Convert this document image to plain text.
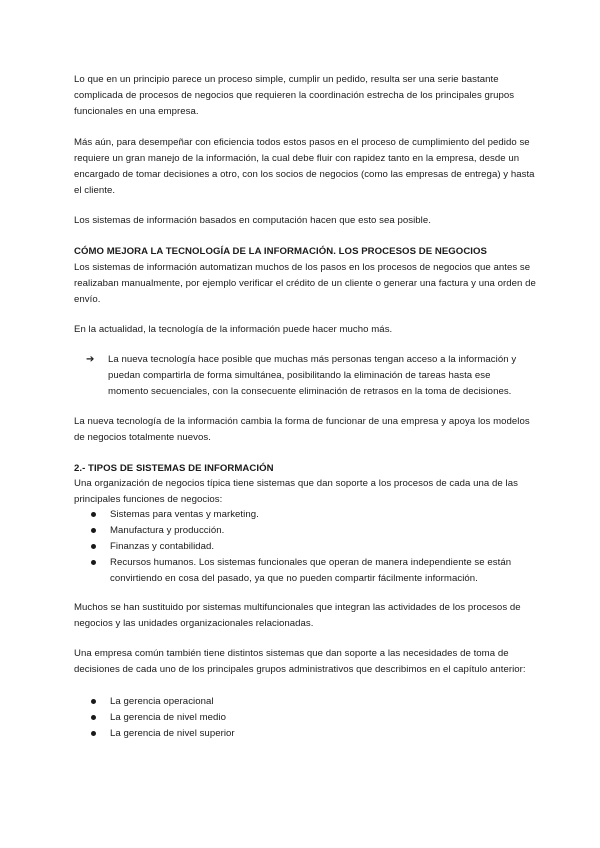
Lo que en un principio parece un proceso simple, cumplir un pedido, resulta ser una serie bastante complicada de procesos de negocios que requieren la coordinación estrecha de los principales grupos funcionales en una empresa.

Más aún, para desempeñar con eficiencia todos estos pasos en el proceso de cumplimiento del pedido se requiere un gran manejo de la información, la cual debe fluir con rapidez tanto en la empresa, desde un encargado de tomar decisiones a otro, con los socios de negocios (como las empresas de entrega) y hasta el cliente.

Los sistemas de información basados en computación hacen que esto sea posible.

CÓMO MEJORA LA TECNOLOGÍA DE LA INFORMACIÓN. LOS PROCESOS DE NEGOCIOS

Los sistemas de información automatizan muchos de los pasos en los procesos de negocios que antes se realizaban manualmente, por ejemplo verificar el crédito de un cliente o generar una factura y una orden de envío.

En la actualidad, la tecnología de la información puede hacer mucho más.

➔ La nueva tecnología hace posible que muchas más personas tengan acceso a la información y puedan compartirla de forma simultánea, posibilitando la eliminación de tareas hasta ese momento secuenciales, con la consecuente eliminación de retrasos en la toma de decisiones.

La nueva tecnología de la información cambia la forma de funcionar de una empresa y apoya los modelos de negocios totalmente nuevos.

2.- TIPOS DE SISTEMAS DE INFORMACIÓN

Una organización de negocios típica tiene sistemas que dan soporte a los procesos de cada una de las principales funciones de negocios:

Sistemas para ventas y marketing.
Manufactura y producción.
Finanzas y contabilidad.
Recursos humanos. Los sistemas funcionales que operan de manera independiente se están convirtiendo en cosa del pasado, ya que no pueden compartir fácilmente información.

Muchos se han sustituido por sistemas multifuncionales que integran las actividades de los procesos de negocios y las unidades organizacionales relacionadas.

Una empresa común también tiene distintos sistemas que dan soporte a las necesidades de toma de decisiones de cada uno de los principales grupos administrativos que describimos en el capítulo anterior:

La gerencia operacional
La gerencia de nivel medio
La gerencia de nivel superior
